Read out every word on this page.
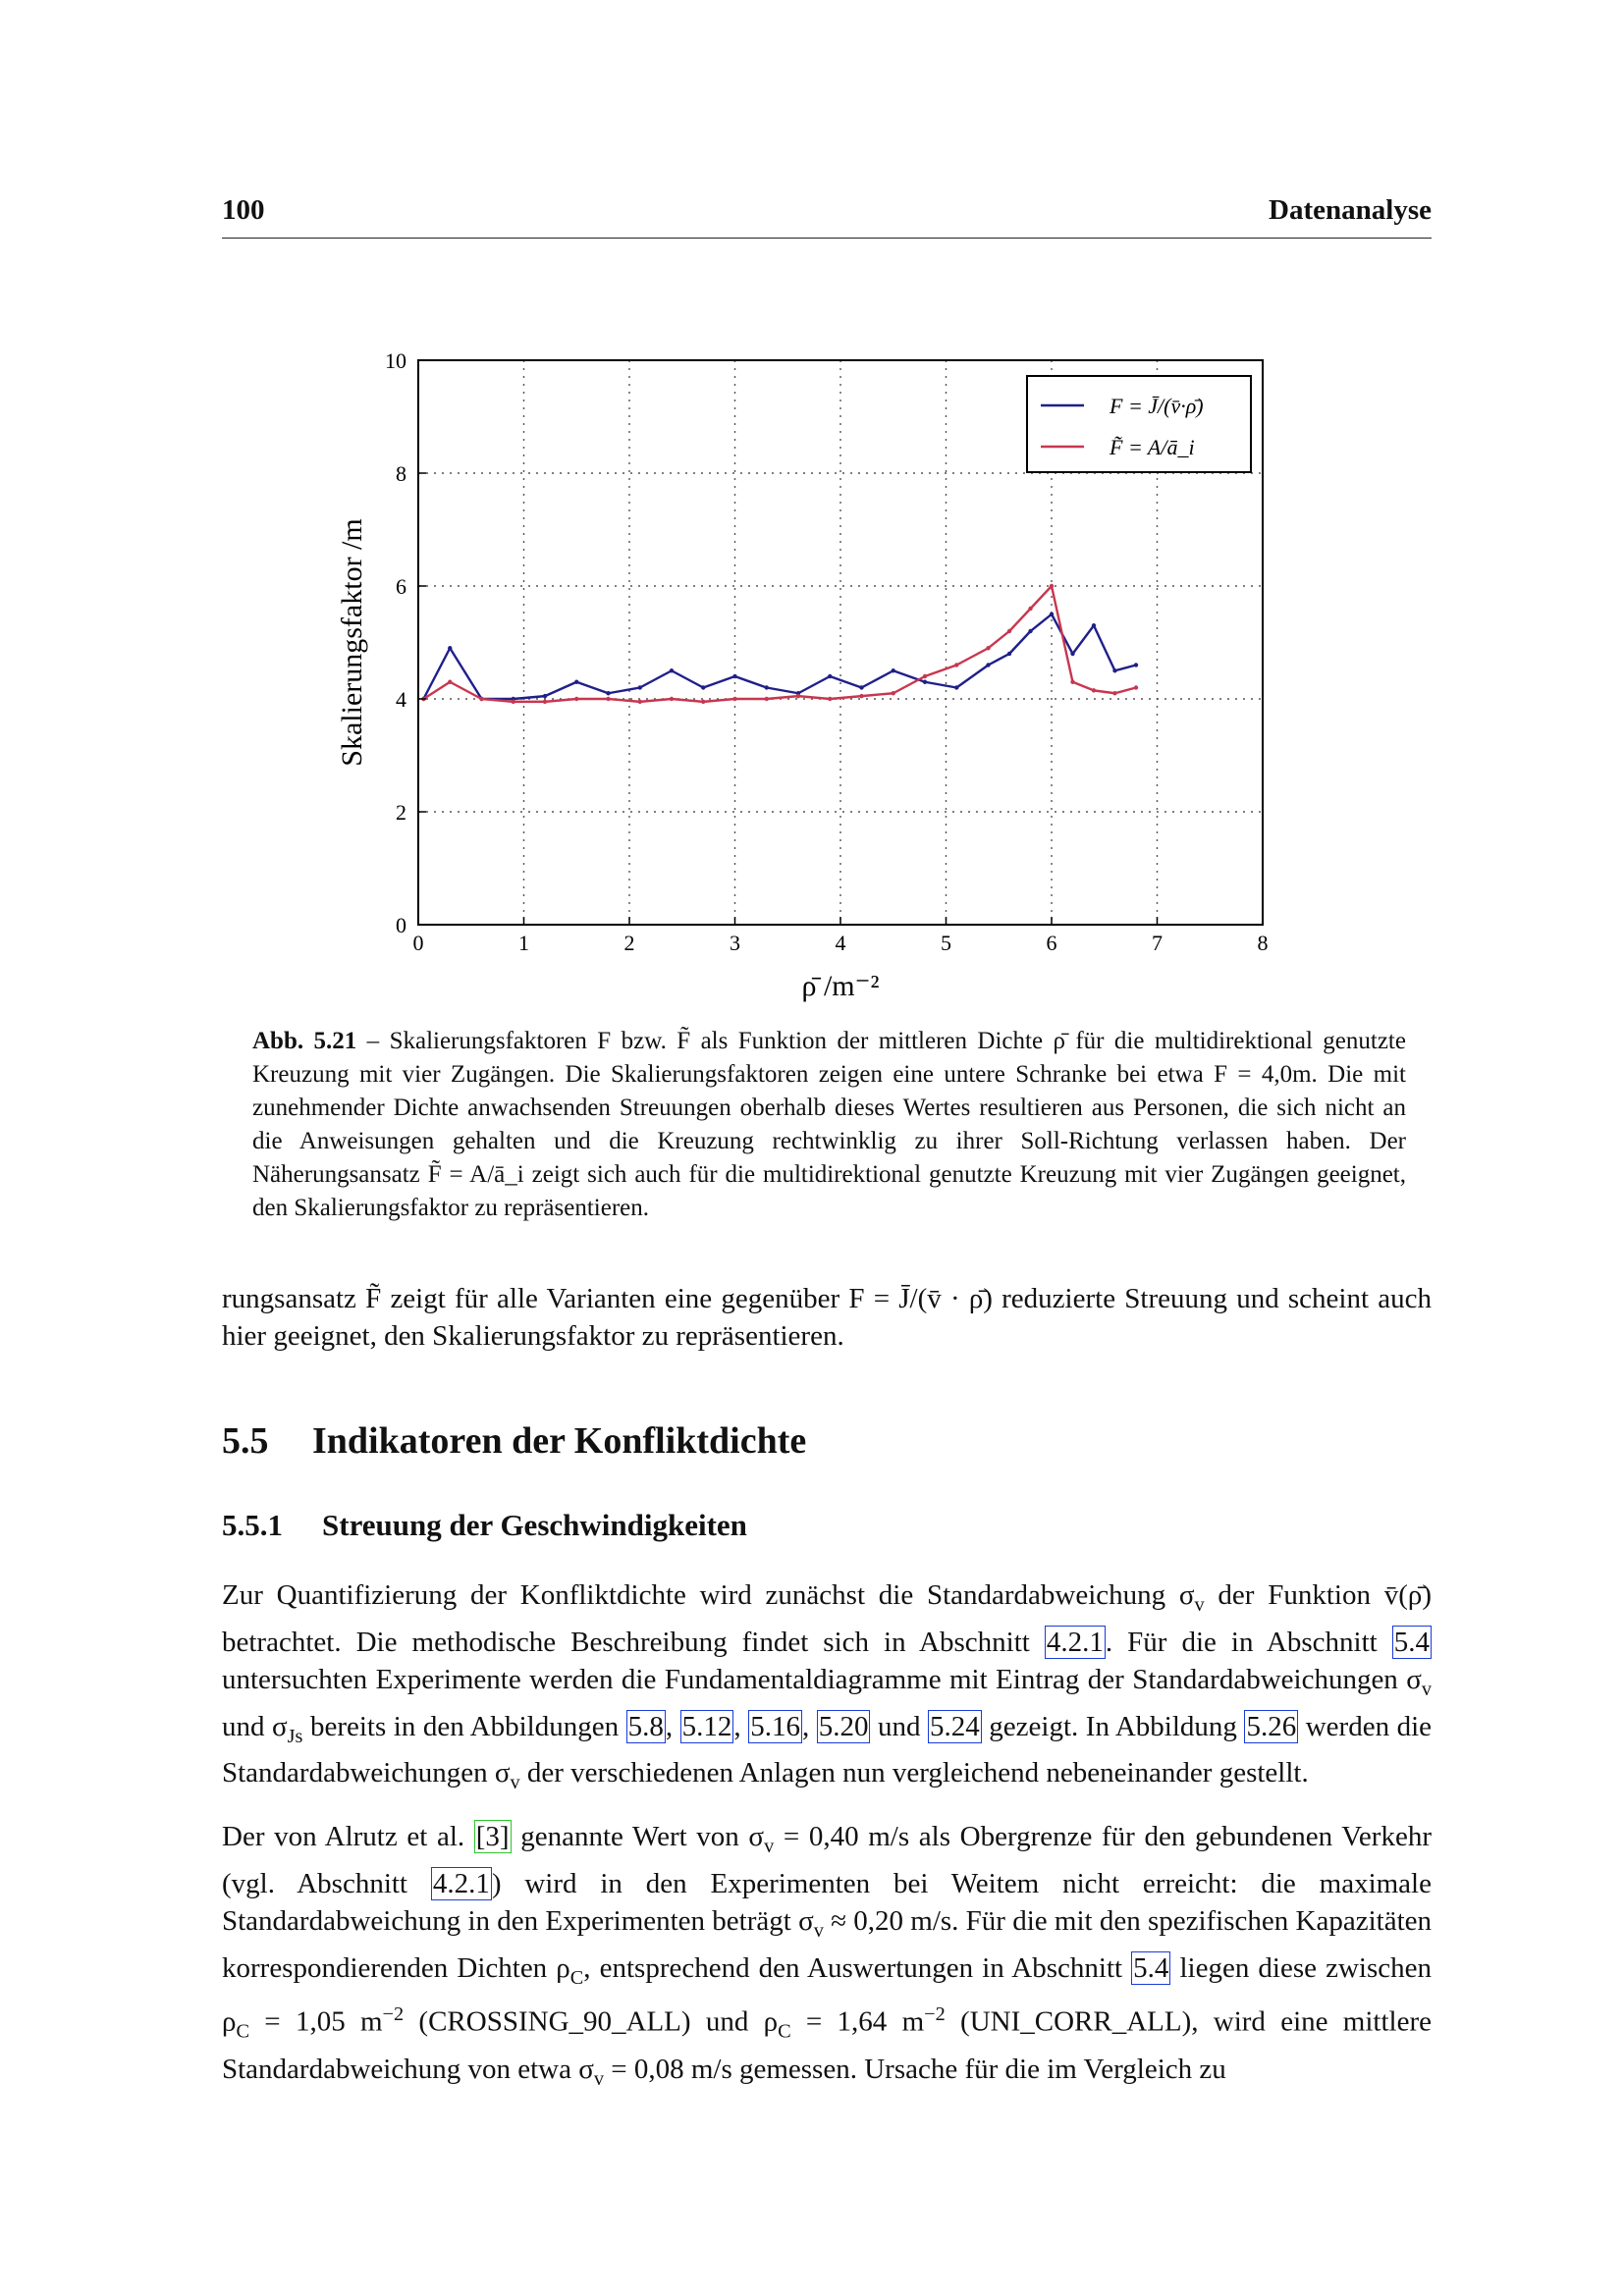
100	Datenanalyse
0	1	2	3	4	5	6	7	8
0
2
4
6
8
10
ρ̄ /m⁻²
Skalierungsfaktor /m
F = J̄/(v̄·ρ̄)
F̃ = A/ā_i
Abb. 5.21 – Skalierungsfaktoren F bzw. F̃ als Funktion der mittleren Dichte ρ̄ für die multidirektional genutzte Kreuzung mit vier Zugängen. Die Skalierungsfaktoren zeigen eine untere Schranke bei etwa F = 4,0m. Die mit zunehmender Dichte anwachsenden Streuungen oberhalb dieses Wertes resultieren aus Personen, die sich nicht an die Anweisungen gehalten und die Kreuzung rechtwinklig zu ihrer Soll-Richtung verlassen haben. Der Näherungsansatz F̃ = A/ā_i zeigt sich auch für die multidirektional genutzte Kreuzung mit vier Zugängen geeignet, den Skalierungsfaktor zu repräsentieren.

rungsansatz F̃ zeigt für alle Varianten eine gegenüber F = J̄/(v̄ · ρ̄) reduzierte Streuung und scheint auch hier geeignet, den Skalierungsfaktor zu repräsentieren.

5.5 Indikatoren der Konfliktdichte
5.5.1 Streuung der Geschwindigkeiten

Zur Quantifizierung der Konfliktdichte wird zunächst die Standardabweichung $\sigma_v$ der Funktion v̄(ρ̄) betrachtet. Die methodische Beschreibung findet sich in Abschnitt 4.2.1. Für die in Abschnitt 5.4 untersuchten Experimente werden die Fundamentaldiagramme mit Eintrag der Standardabweichungen $\sigma_v$ und $\sigma_{Js}$ bereits in den Abbildungen 5.8, 5.12, 5.16, 5.20 und 5.24 gezeigt. In Abbildung 5.26 werden die Standardabweichungen $\sigma_v$ der verschiedenen Anlagen nun vergleichend nebeneinander gestellt.

Der von Alrutz et al. [3] genannte Wert von $\sigma_v = 0,40$ m/s als Obergrenze für den gebundenen Verkehr (vgl. Abschnitt 4.2.1) wird in den Experimenten bei Weitem nicht erreicht: die maximale Standardabweichung in den Experimenten beträgt $\sigma_v \approx 0,20$ m/s. Für die mit den spezifischen Kapazitäten korrespondierenden Dichten $\rho_C$, entsprechend den Auswertungen in Abschnitt 5.4 liegen diese zwischen $\rho_C = 1,05$ $m^{-2}$ (CROSSING_90_ALL) und $\rho_C = 1,64$ $m^{-2}$ (UNI_CORR_ALL), wird eine mittlere Standardabweichung von etwa $\sigma_v = 0,08$ m/s gemessen. Ursache für die im Vergleich zu
